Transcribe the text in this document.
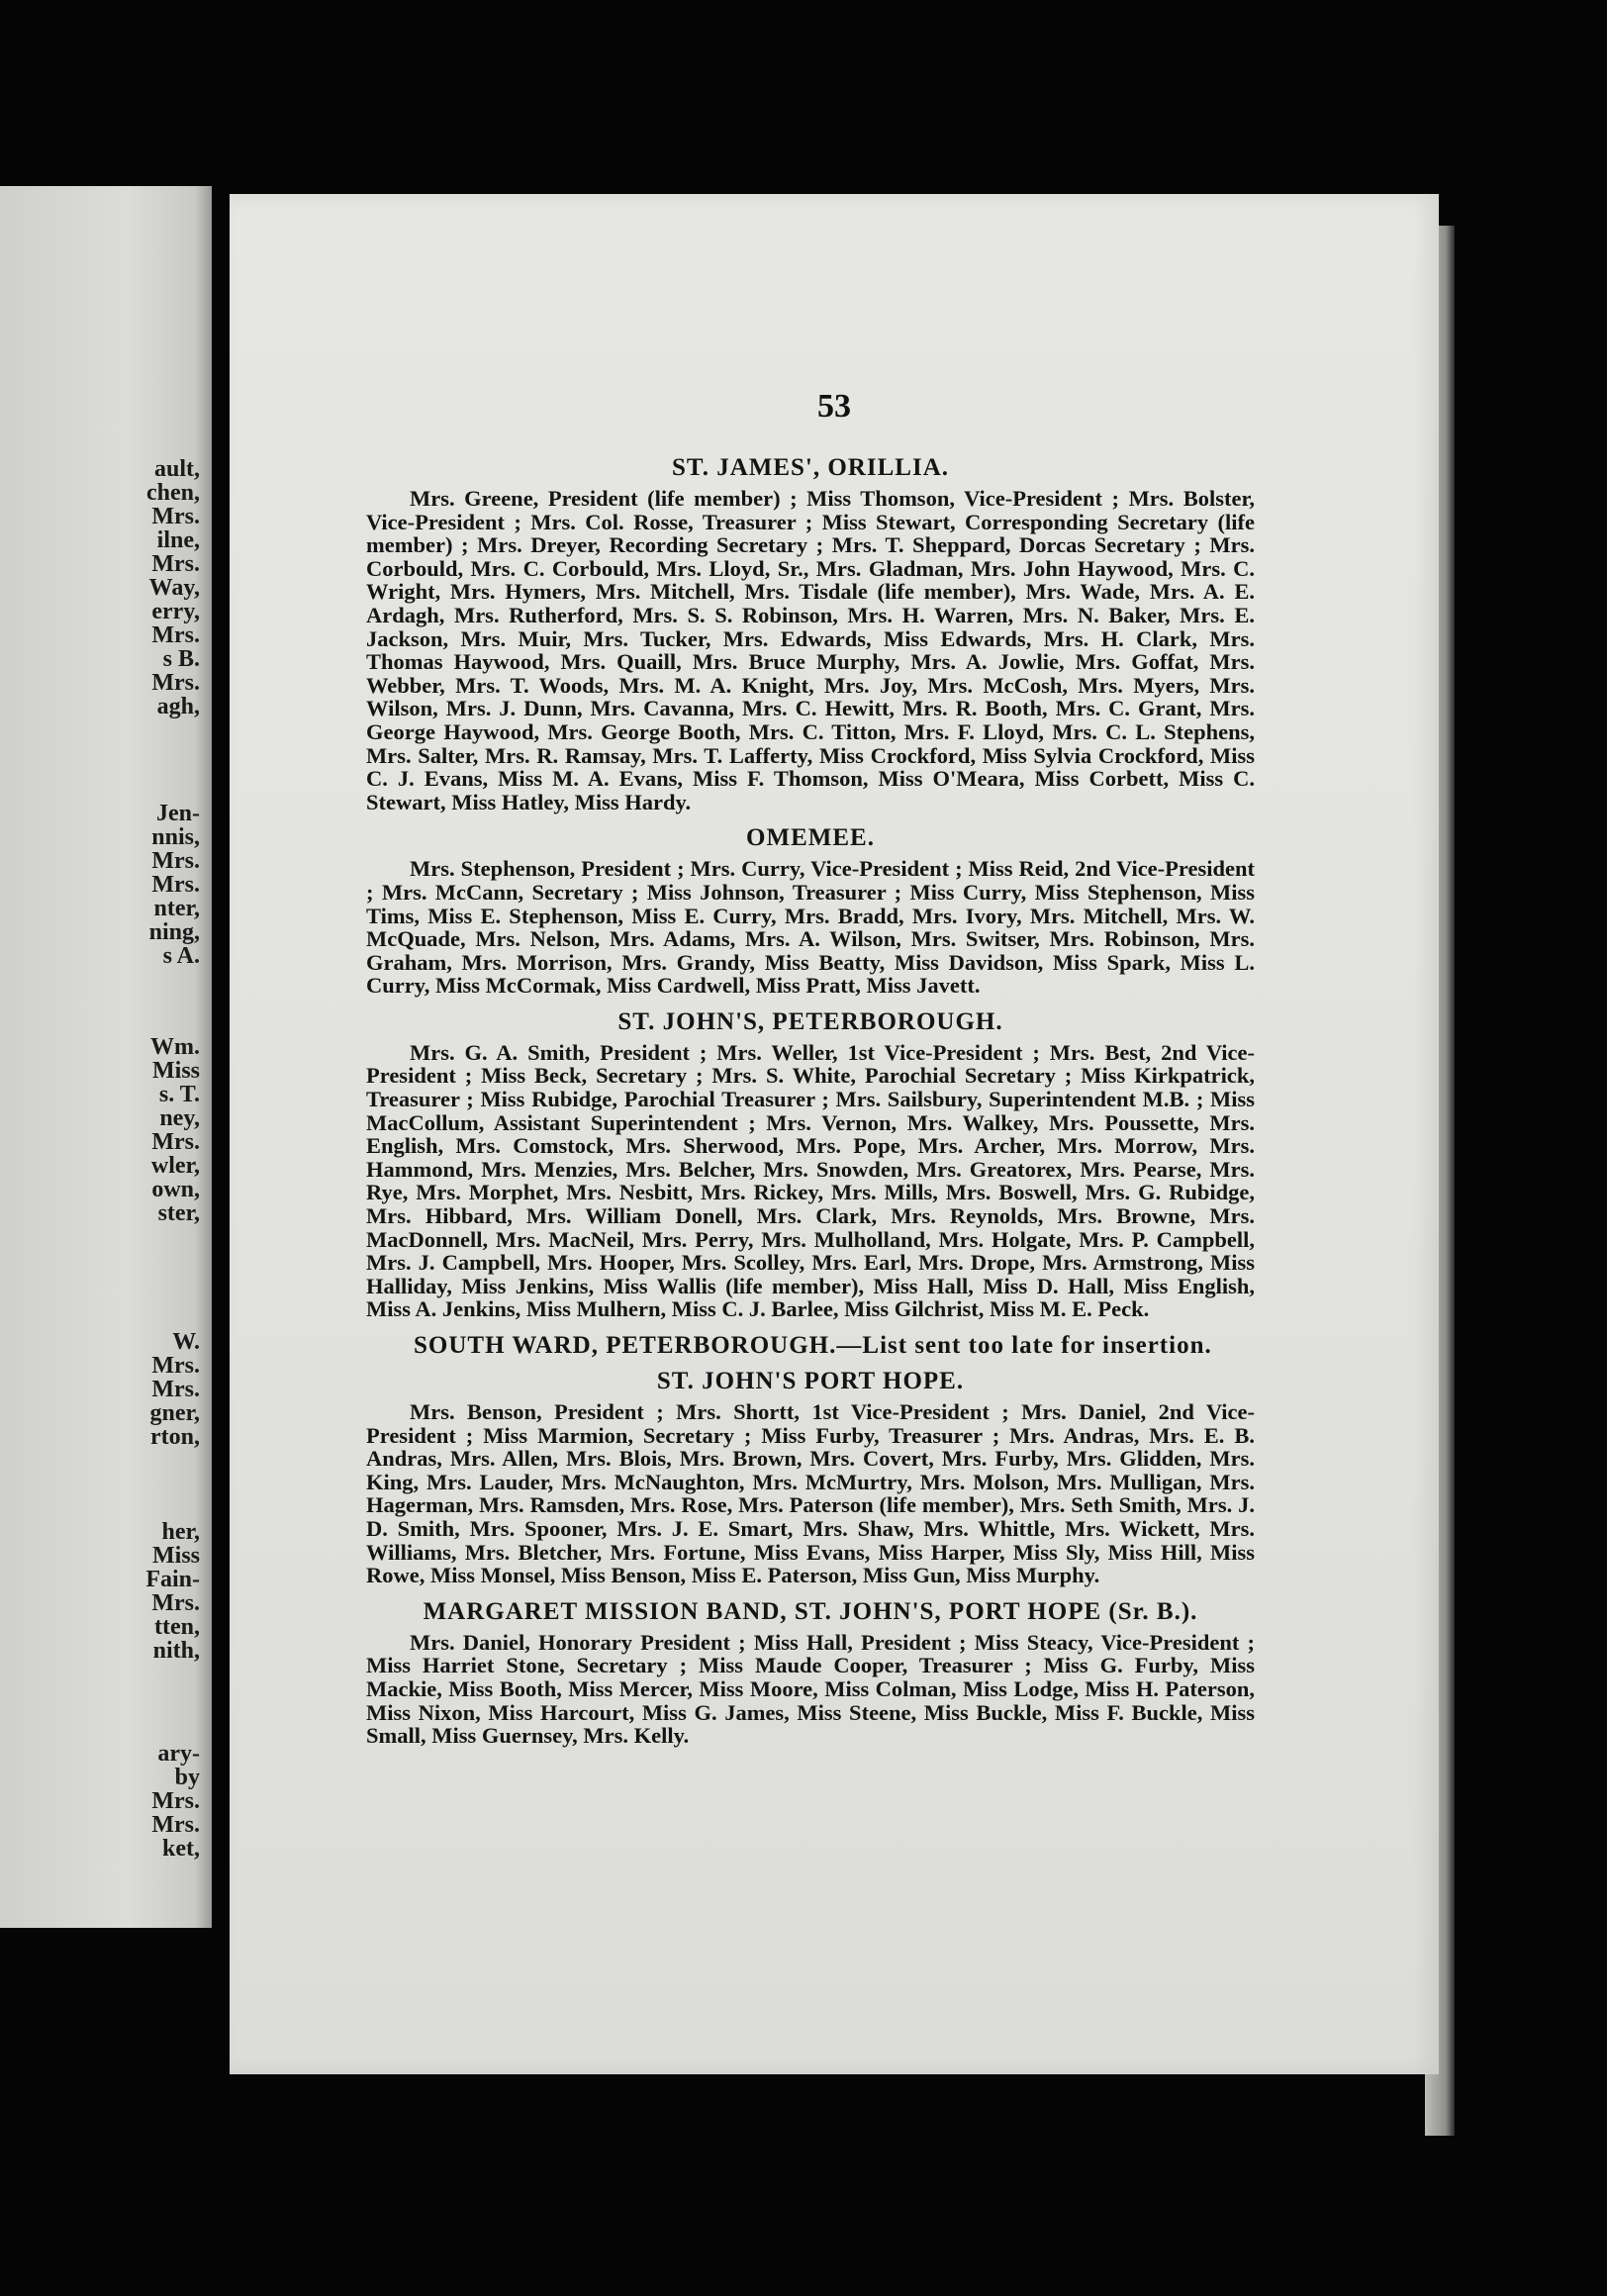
ault,
chen,
Mrs.
ilne,
Mrs.
Way,
erry,
Mrs.
s B.
Mrs.
agh,
Jen-
nnis,
Mrs.
Mrs.
nter,
ning,
s A.
Wm.
Miss
s. T.
ney,
Mrs.
wler,
own,
ster,
W.
Mrs.
Mrs.
gner,
rton,
her,
Miss
Fain-
Mrs.
tten,
nith,
ary-
by
Mrs.
Mrs.
ket,
53
ST. JAMES', ORILLIA.

Mrs. Greene, President (life member) ; Miss Thomson, Vice-President ; Mrs. Bolster, Vice-President ; Mrs. Col. Rosse, Treasurer ; Miss Stewart, Corresponding Secretary (life member) ; Mrs. Dreyer, Recording Secretary ; Mrs. T. Sheppard, Dorcas Secretary ; Mrs. Corbould, Mrs. C. Corbould, Mrs. Lloyd, Sr., Mrs. Gladman, Mrs. John Haywood, Mrs. C. Wright, Mrs. Hymers, Mrs. Mitchell, Mrs. Tisdale (life member), Mrs. Wade, Mrs. A. E. Ardagh, Mrs. Rutherford, Mrs. S. S. Robinson, Mrs. H. Warren, Mrs. N. Baker, Mrs. E. Jackson, Mrs. Muir, Mrs. Tucker, Mrs. Edwards, Miss Edwards, Mrs. H. Clark, Mrs. Thomas Haywood, Mrs. Quaill, Mrs. Bruce Murphy, Mrs. A. Jowlie, Mrs. Goffat, Mrs. Webber, Mrs. T. Woods, Mrs. M. A. Knight, Mrs. Joy, Mrs. McCosh, Mrs. Myers, Mrs. Wilson, Mrs. J. Dunn, Mrs. Cavanna, Mrs. C. Hewitt, Mrs. R. Booth, Mrs. C. Grant, Mrs. George Haywood, Mrs. George Booth, Mrs. C. Titton, Mrs. F. Lloyd, Mrs. C. L. Stephens, Mrs. Salter, Mrs. R. Ramsay, Mrs. T. Lafferty, Miss Crockford, Miss Sylvia Crockford, Miss C. J. Evans, Miss M. A. Evans, Miss F. Thomson, Miss O'Meara, Miss Corbett, Miss C. Stewart, Miss Hatley, Miss Hardy.

OMEMEE.

Mrs. Stephenson, President ; Mrs. Curry, Vice-President ; Miss Reid, 2nd Vice-President ; Mrs. McCann, Secretary ; Miss Johnson, Treasurer ; Miss Curry, Miss Stephenson, Miss Tims, Miss E. Stephenson, Miss E. Curry, Mrs. Bradd, Mrs. Ivory, Mrs. Mitchell, Mrs. W. McQuade, Mrs. Nelson, Mrs. Adams, Mrs. A. Wilson, Mrs. Switser, Mrs. Robinson, Mrs. Graham, Mrs. Morrison, Mrs. Grandy, Miss Beatty, Miss Davidson, Miss Spark, Miss L. Curry, Miss McCormak, Miss Cardwell, Miss Pratt, Miss Javett.

ST. JOHN'S, PETERBOROUGH.

Mrs. G. A. Smith, President ; Mrs. Weller, 1st Vice-President ; Mrs. Best, 2nd Vice-President ; Miss Beck, Secretary ; Mrs. S. White, Parochial Secretary ; Miss Kirkpatrick, Treasurer ; Miss Rubidge, Parochial Treasurer ; Mrs. Sailsbury, Superintendent M.B. ; Miss MacCollum, Assistant Superintendent ; Mrs. Vernon, Mrs. Walkey, Mrs. Poussette, Mrs. English, Mrs. Comstock, Mrs. Sherwood, Mrs. Pope, Mrs. Archer, Mrs. Morrow, Mrs. Hammond, Mrs. Menzies, Mrs. Belcher, Mrs. Snowden, Mrs. Greatorex, Mrs. Pearse, Mrs. Rye, Mrs. Morphet, Mrs. Nesbitt, Mrs. Rickey, Mrs. Mills, Mrs. Boswell, Mrs. G. Rubidge, Mrs. Hibbard, Mrs. William Donell, Mrs. Clark, Mrs. Reynolds, Mrs. Browne, Mrs. MacDonnell, Mrs. MacNeil, Mrs. Perry, Mrs. Mulholland, Mrs. Holgate, Mrs. P. Campbell, Mrs. J. Campbell, Mrs. Hooper, Mrs. Scolley, Mrs. Earl, Mrs. Drope, Mrs. Armstrong, Miss Halliday, Miss Jenkins, Miss Wallis (life member), Miss Hall, Miss D. Hall, Miss English, Miss A. Jenkins, Miss Mulhern, Miss C. J. Barlee, Miss Gilchrist, Miss M. E. Peck.

SOUTH WARD, PETERBOROUGH.—List sent too late for insertion.
ST. JOHN'S PORT HOPE.

Mrs. Benson, President ; Mrs. Shortt, 1st Vice-President ; Mrs. Daniel, 2nd Vice-President ; Miss Marmion, Secretary ; Miss Furby, Treasurer ; Mrs. Andras, Mrs. E. B. Andras, Mrs. Allen, Mrs. Blois, Mrs. Brown, Mrs. Covert, Mrs. Furby, Mrs. Glidden, Mrs. King, Mrs. Lauder, Mrs. McNaughton, Mrs. McMurtry, Mrs. Molson, Mrs. Mulligan, Mrs. Hagerman, Mrs. Ramsden, Mrs. Rose, Mrs. Paterson (life member), Mrs. Seth Smith, Mrs. J. D. Smith, Mrs. Spooner, Mrs. J. E. Smart, Mrs. Shaw, Mrs. Whittle, Mrs. Wickett, Mrs. Williams, Mrs. Bletcher, Mrs. Fortune, Miss Evans, Miss Harper, Miss Sly, Miss Hill, Miss Rowe, Miss Monsel, Miss Benson, Miss E. Paterson, Miss Gun, Miss Murphy.

MARGARET MISSION BAND, ST. JOHN'S, PORT HOPE (Sr. B.).

Mrs. Daniel, Honorary President ; Miss Hall, President ; Miss Steacy, Vice-President ; Miss Harriet Stone, Secretary ; Miss Maude Cooper, Treasurer ; Miss G. Furby, Miss Mackie, Miss Booth, Miss Mercer, Miss Moore, Miss Colman, Miss Lodge, Miss H. Paterson, Miss Nixon, Miss Harcourt, Miss G. James, Miss Steene, Miss Buckle, Miss F. Buckle, Miss Small, Miss Guernsey, Mrs. Kelly.
